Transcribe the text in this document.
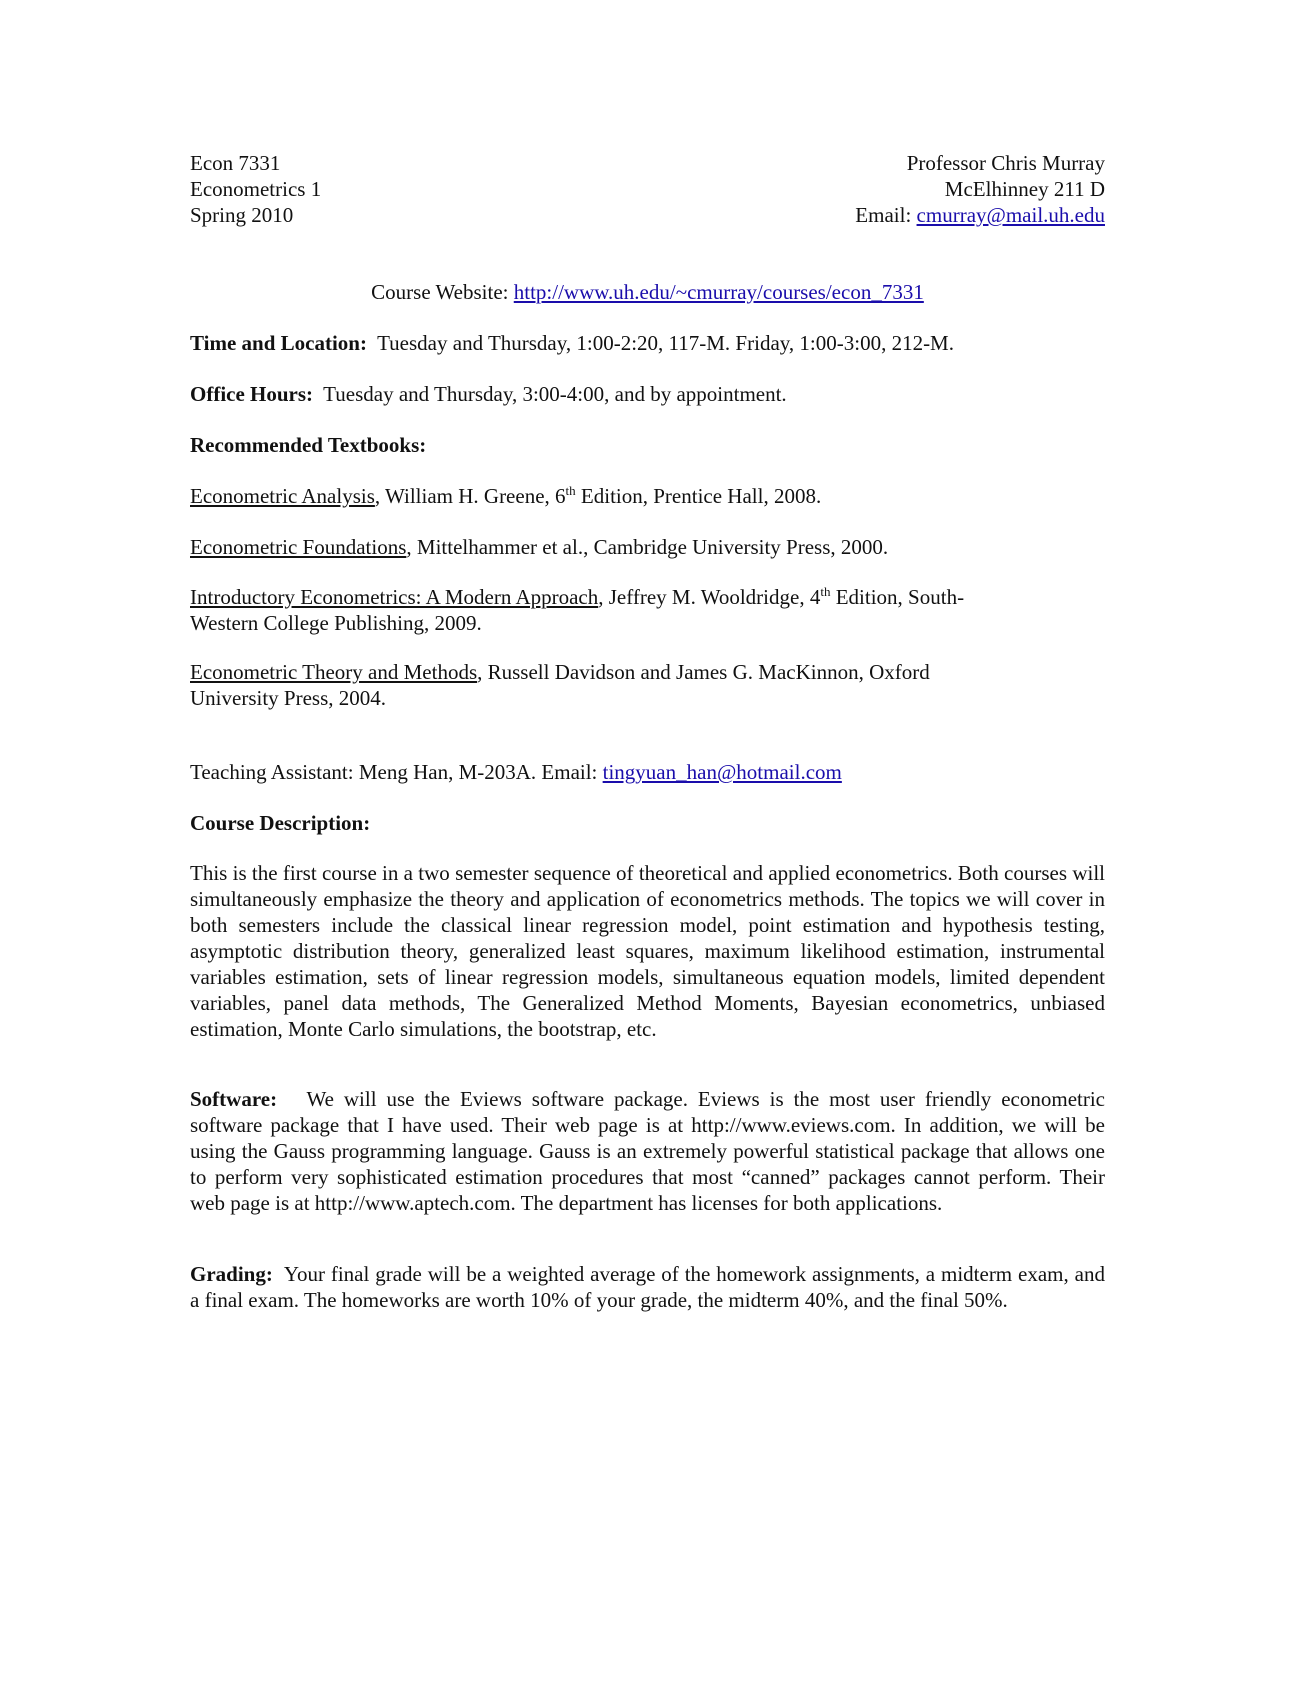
Econ 7331
Econometrics 1
Spring 2010
Professor Chris Murray
McElhinney 211 D
Email: cmurray@mail.uh.edu
Course Website: http://www.uh.edu/~cmurray/courses/econ_7331
Time and Location: Tuesday and Thursday, 1:00-2:20, 117-M. Friday, 1:00-3:00, 212-M.
Office Hours: Tuesday and Thursday, 3:00-4:00, and by appointment.
Recommended Textbooks:
Econometric Analysis, William H. Greene, 6th Edition, Prentice Hall, 2008.
Econometric Foundations, Mittelhammer et al., Cambridge University Press, 2000.
Introductory Econometrics: A Modern Approach, Jeffrey M. Wooldridge, 4th Edition, South-Western College Publishing, 2009.
Econometric Theory and Methods, Russell Davidson and James G. MacKinnon, Oxford University Press, 2004.
Teaching Assistant: Meng Han, M-203A. Email: tingyuan_han@hotmail.com
Course Description:
This is the first course in a two semester sequence of theoretical and applied econometrics. Both courses will simultaneously emphasize the theory and application of econometrics methods. The topics we will cover in both semesters include the classical linear regression model, point estimation and hypothesis testing, asymptotic distribution theory, generalized least squares, maximum likelihood estimation, instrumental variables estimation, sets of linear regression models, simultaneous equation models, limited dependent variables, panel data methods, The Generalized Method Moments, Bayesian econometrics, unbiased estimation, Monte Carlo simulations, the bootstrap, etc.
Software: We will use the Eviews software package. Eviews is the most user friendly econometric software package that I have used. Their web page is at http://www.eviews.com. In addition, we will be using the Gauss programming language. Gauss is an extremely powerful statistical package that allows one to perform very sophisticated estimation procedures that most “canned” packages cannot perform. Their web page is at http://www.aptech.com. The department has licenses for both applications.
Grading: Your final grade will be a weighted average of the homework assignments, a midterm exam, and a final exam. The homeworks are worth 10% of your grade, the midterm 40%, and the final 50%.
